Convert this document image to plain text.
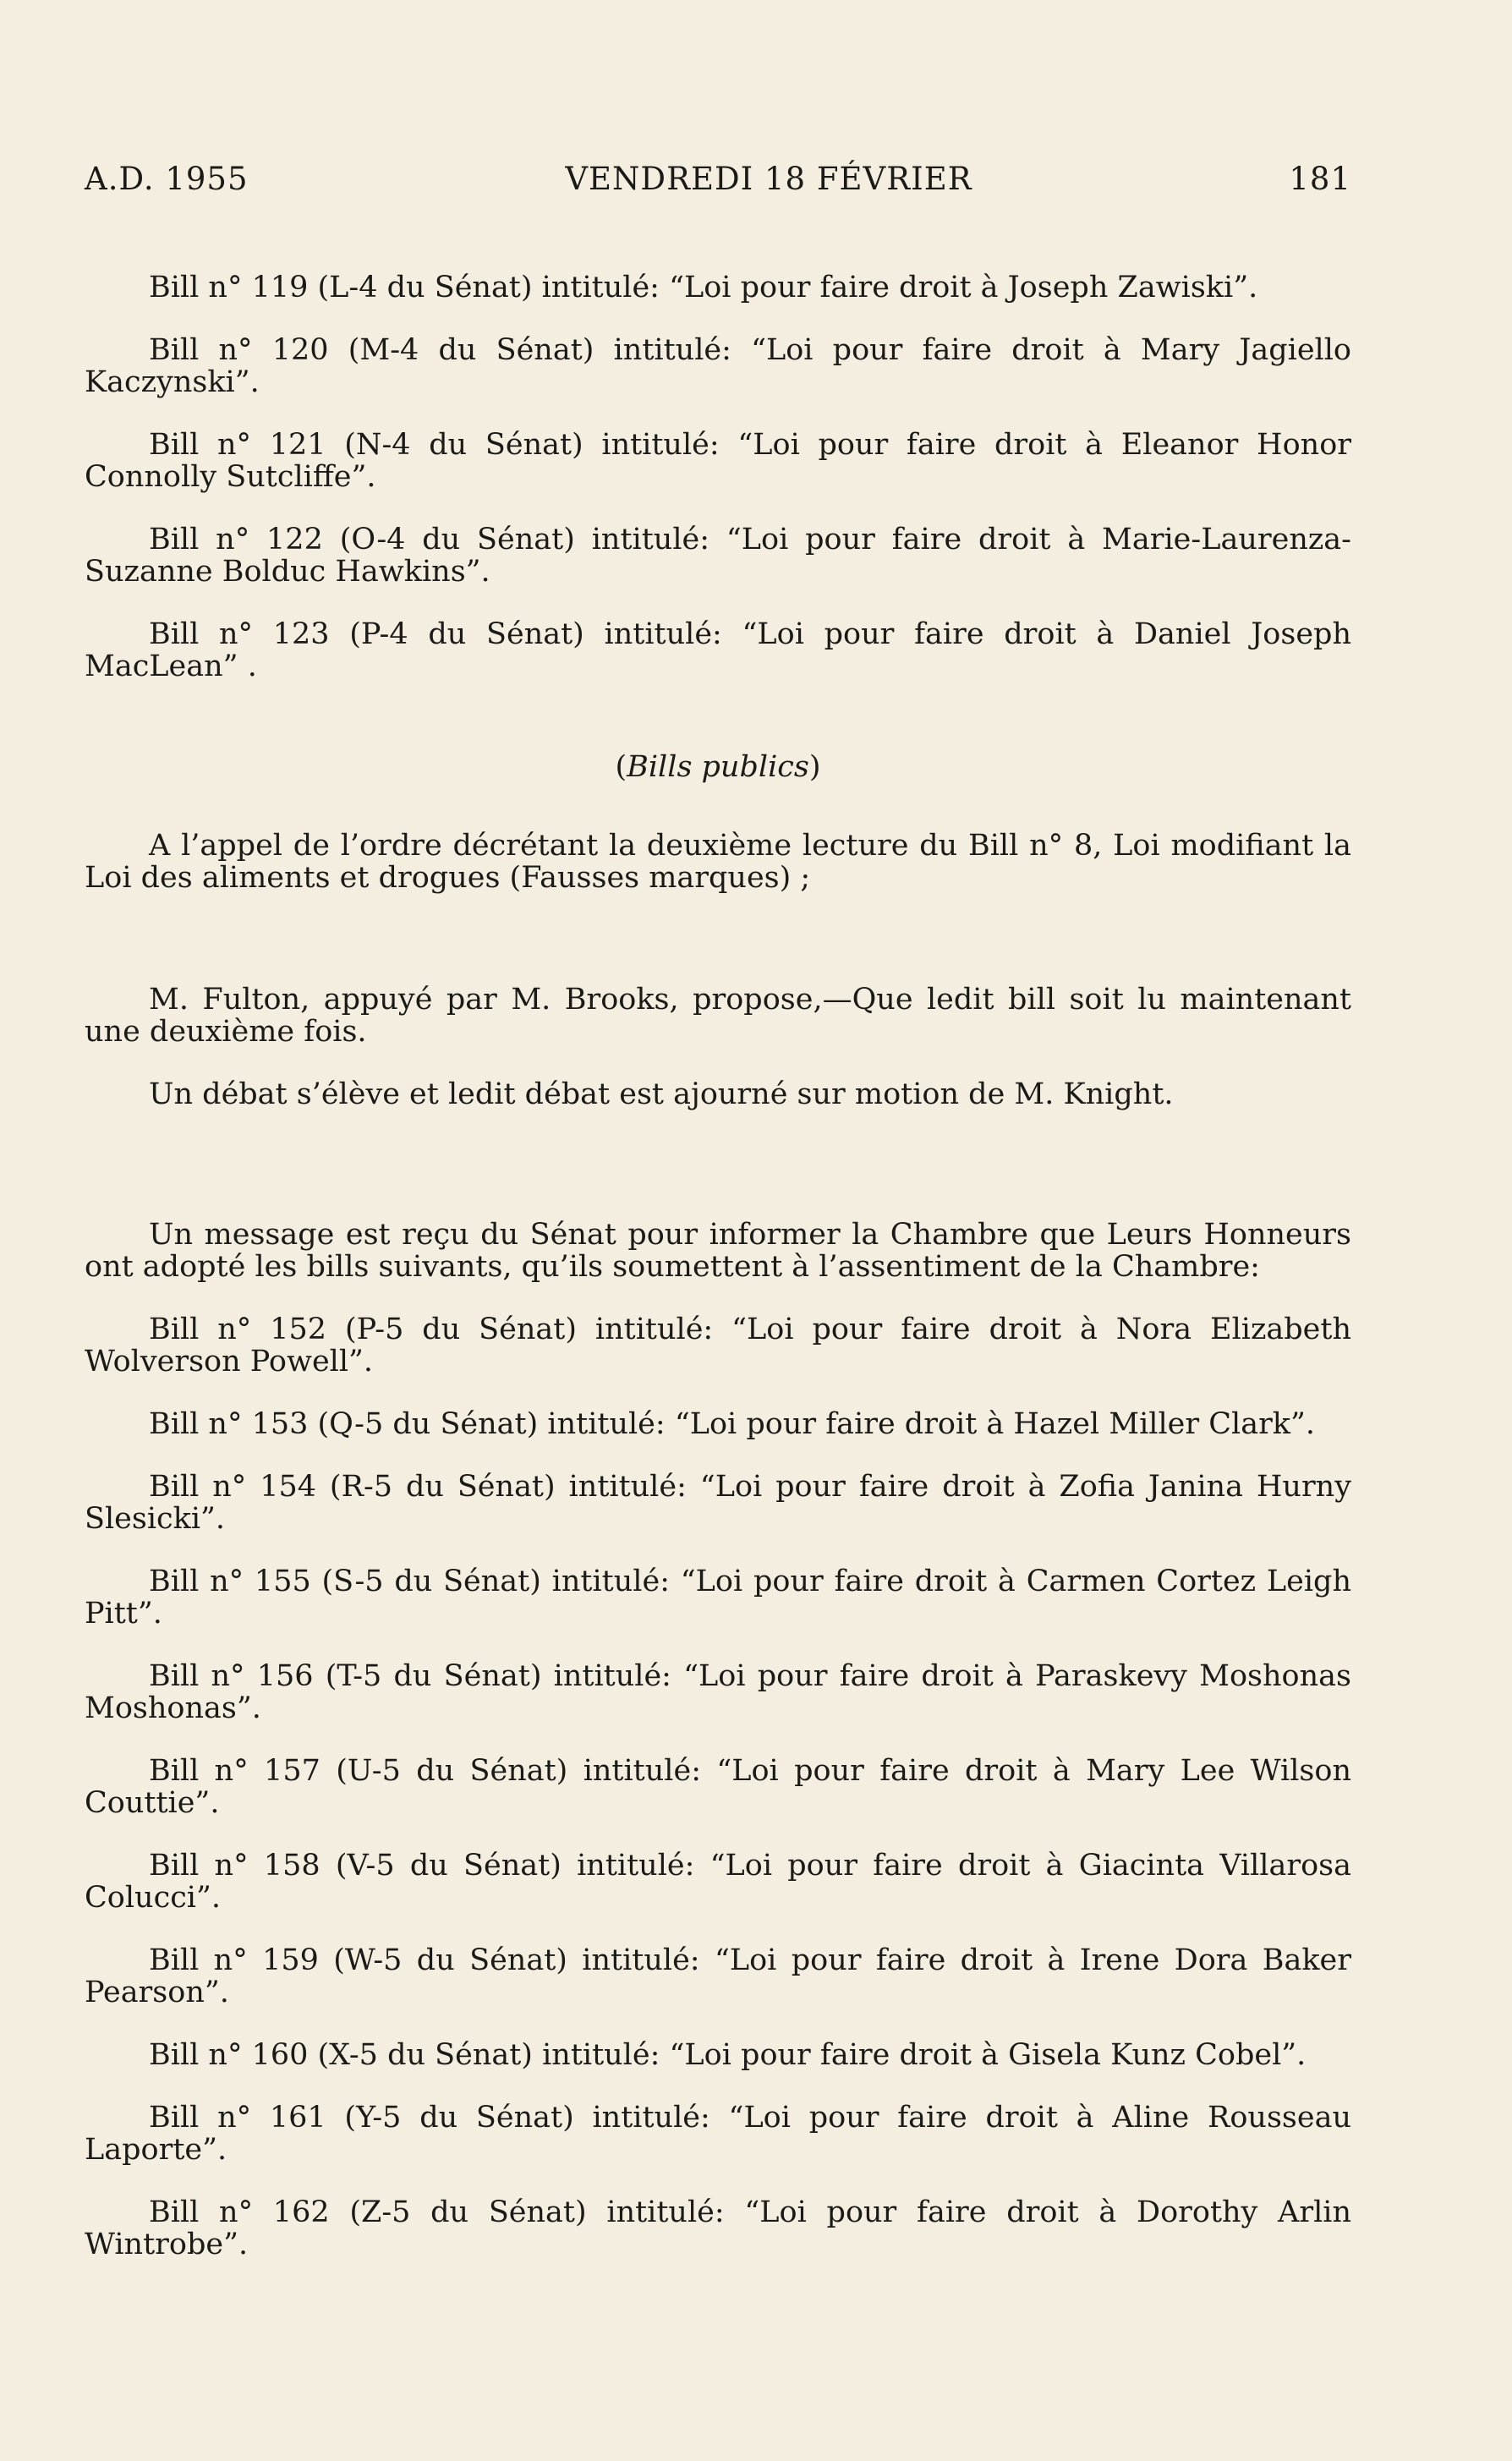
A.D. 1955	VENDREDI 18 FÉVRIER	181

Bill n° 119 (L-4 du Sénat) intitulé: “Loi pour faire droit à Joseph Zawiski”.

Bill n° 120 (M-4 du Sénat) intitulé: “Loi pour faire droit à Mary Jagiello Kaczynski”.

Bill n° 121 (N-4 du Sénat) intitulé: “Loi pour faire droit à Eleanor Honor Connolly Sutcliffe”.

Bill n° 122 (O-4 du Sénat) intitulé: “Loi pour faire droit à Marie-Laurenza-Suzanne Bolduc Hawkins”.

Bill n° 123 (P-4 du Sénat) intitulé: “Loi pour faire droit à Daniel Joseph MacLean” .

(Bills publics)

A l’appel de l’ordre décrétant la deuxième lecture du Bill n° 8, Loi modifiant la Loi des aliments et drogues (Fausses marques) ;

M. Fulton, appuyé par M. Brooks, propose,—Que ledit bill soit lu maintenant une deuxième fois.

Un débat s’élève et ledit débat est ajourné sur motion de M. Knight.

Un message est reçu du Sénat pour informer la Chambre que Leurs Honneurs ont adopté les bills suivants, qu’ils soumettent à l’assentiment de la Chambre:

Bill n° 152 (P-5 du Sénat) intitulé: “Loi pour faire droit à Nora Elizabeth Wolverson Powell”.

Bill n° 153 (Q-5 du Sénat) intitulé: “Loi pour faire droit à Hazel Miller Clark”.

Bill n° 154 (R-5 du Sénat) intitulé: “Loi pour faire droit à Zofia Janina Hurny Slesicki”.

Bill n° 155 (S-5 du Sénat) intitulé: “Loi pour faire droit à Carmen Cortez Leigh Pitt”.

Bill n° 156 (T-5 du Sénat) intitulé: “Loi pour faire droit à Paraskevy Moshonas Moshonas”.

Bill n° 157 (U-5 du Sénat) intitulé: “Loi pour faire droit à Mary Lee Wilson Couttie”.

Bill n° 158 (V-5 du Sénat) intitulé: “Loi pour faire droit à Giacinta Villarosa Colucci”.

Bill n° 159 (W-5 du Sénat) intitulé: “Loi pour faire droit à Irene Dora Baker Pearson”.

Bill n° 160 (X-5 du Sénat) intitulé: “Loi pour faire droit à Gisela Kunz Cobel”.

Bill n° 161 (Y-5 du Sénat) intitulé: “Loi pour faire droit à Aline Rousseau Laporte”.

Bill n° 162 (Z-5 du Sénat) intitulé: “Loi pour faire droit à Dorothy Arlin Wintrobe”.
